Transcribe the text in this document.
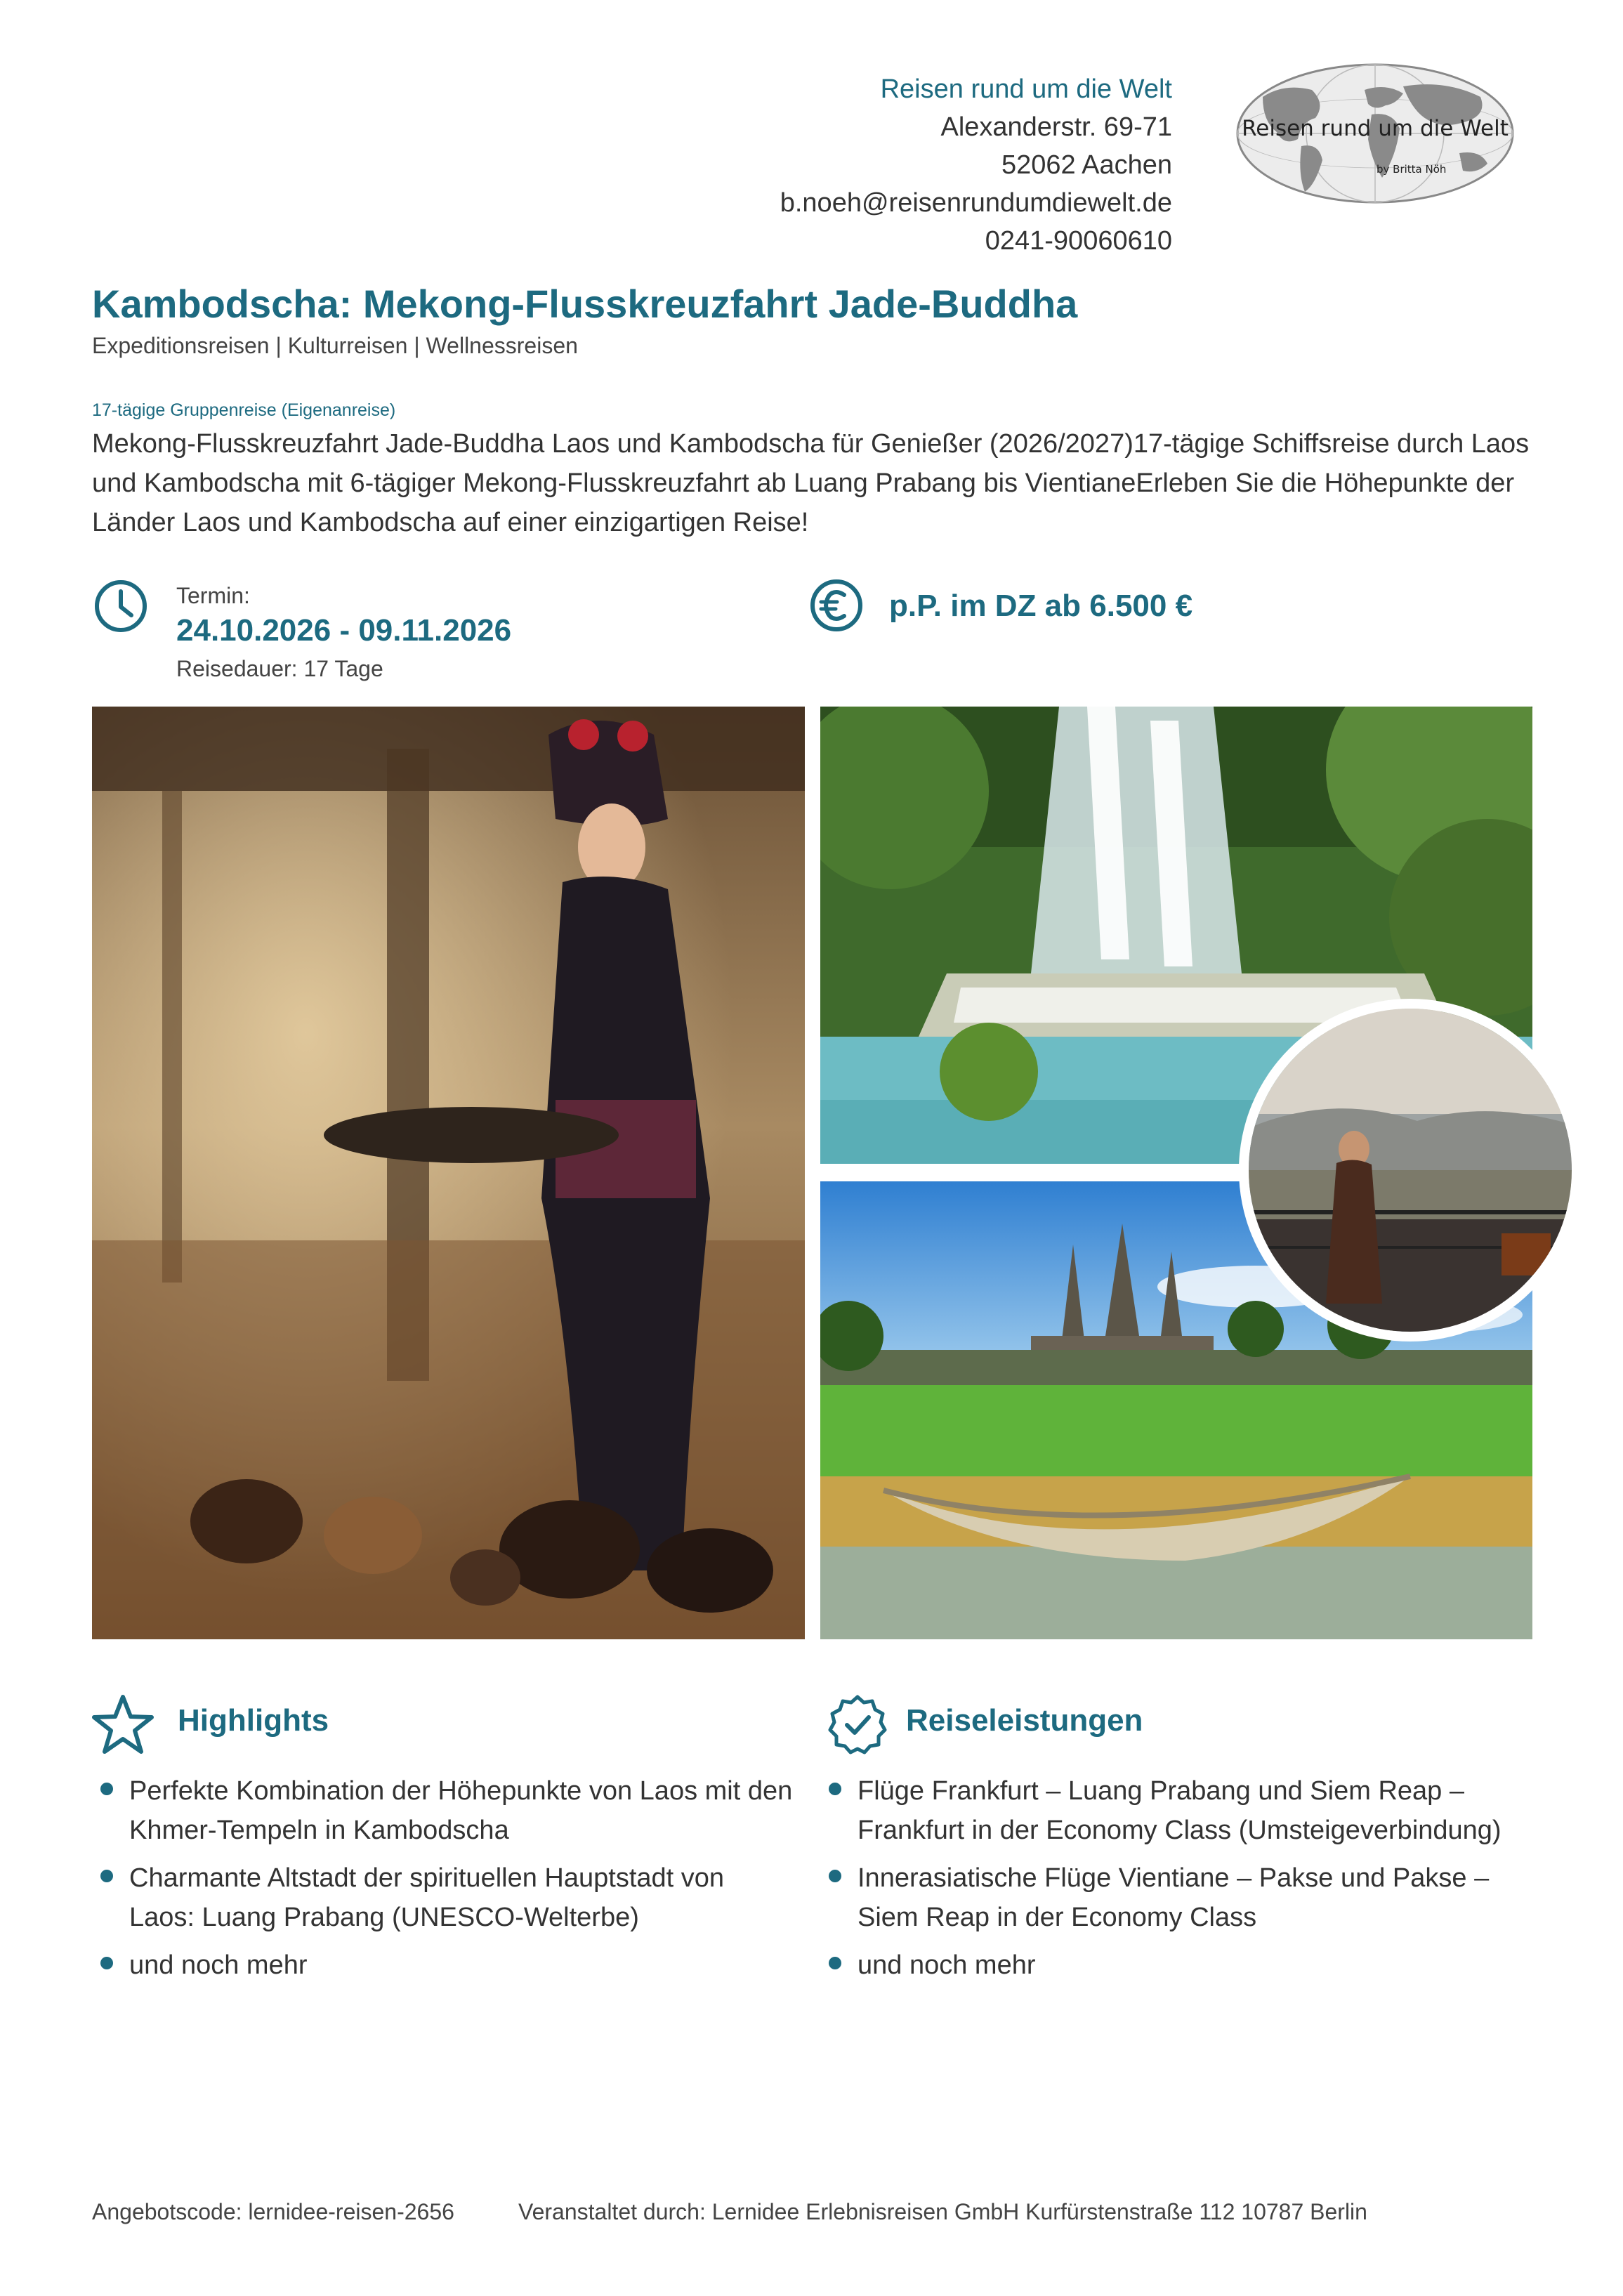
Reisen rund um die Welt
Alexanderstr. 69-71
52062 Aachen
b.noeh@reisenrundumdiewelt.de
0241-90060610
Reisen rund um die Welt
by Britta Nöh
Kambodscha: Mekong-Flusskreuzfahrt Jade-Buddha
Expeditionsreisen | Kulturreisen | Wellnessreisen
17-tägige Gruppenreise (Eigenanreise)
Mekong-Flusskreuzfahrt Jade-Buddha Laos und Kambodscha für Genießer (2026/2027)17-tägige Schiffsreise durch Laos und Kambodscha mit 6-tägiger Mekong-Flusskreuzfahrt ab Luang Prabang bis VientianeErleben Sie die Höhepunkte der Länder Laos und Kambodscha auf einer einzigartigen Reise!
Termin:
24.10.2026 - 09.11.2026
Reisedauer: 17 Tage
p.P. im DZ ab 6.500 €
Highlights
Perfekte Kombination der Höhepunkte von Laos mit den Khmer-Tempeln in Kambodscha
Charmante Altstadt der spirituellen Hauptstadt von Laos: Luang Prabang (UNESCO-Welterbe)
und noch mehr
Reiseleistungen
Flüge Frankfurt – Luang Prabang und Siem Reap – Frankfurt in der Economy Class (Umsteigeverbindung)
Innerasiatische Flüge Vientiane – Pakse und Pakse – Siem Reap in der Economy Class
und noch mehr
Angebotscode: lernidee-reisen-2656	Veranstaltet durch: Lernidee Erlebnisreisen GmbH Kurfürstenstraße 112 10787 Berlin
